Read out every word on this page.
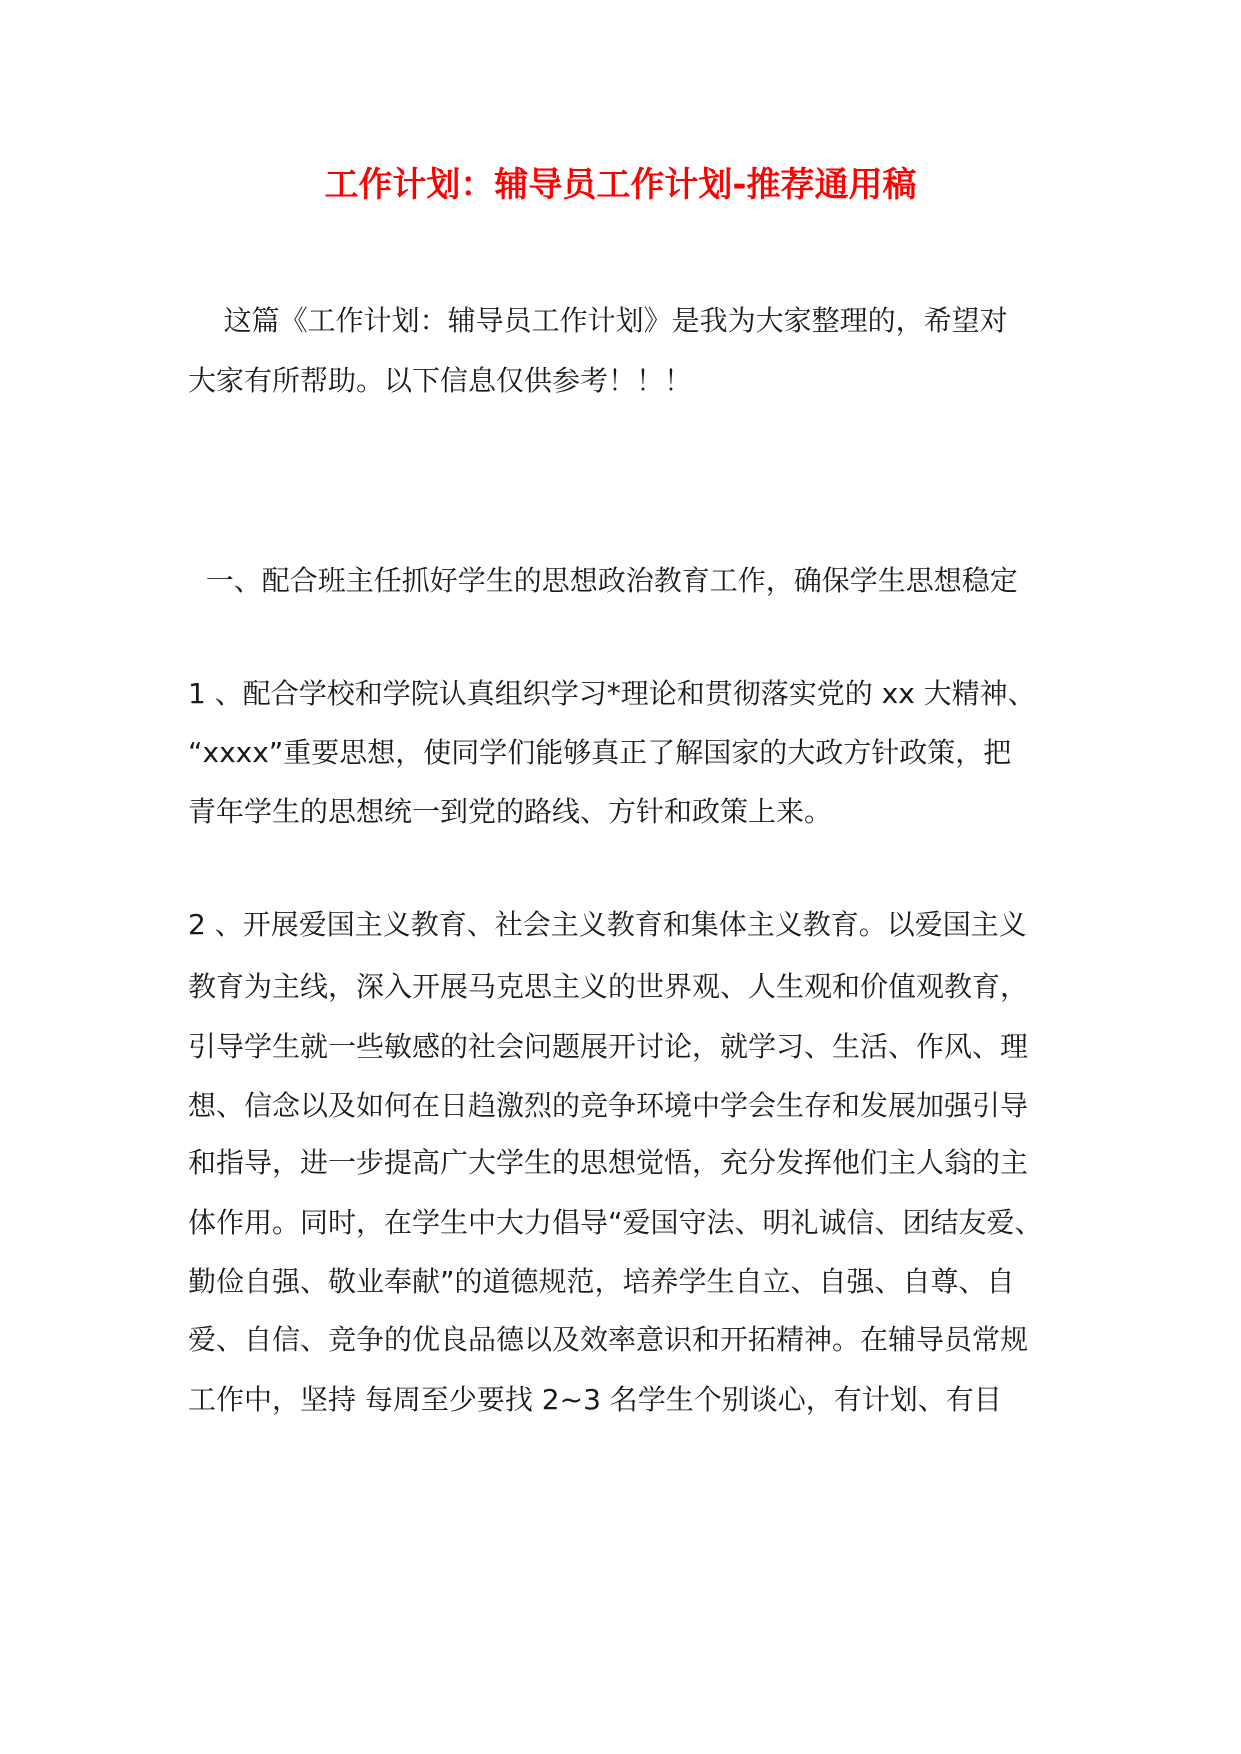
工作计划：辅导员工作计划-推荐通用稿
这篇《工作计划：辅导员工作计划》是我为大家整理的，希望对
大家有所帮助。以下信息仅供参考！！！
一、配合班主任抓好学生的思想政治教育工作，确保学生思想稳定
1 、配合学校和学院认真组织学习*理论和贯彻落实党的 xx 大精神、
“xxxx”重要思想，使同学们能够真正了解国家的大政方针政策，把
青年学生的思想统一到党的路线、方针和政策上来。
2 、开展爱国主义教育、社会主义教育和集体主义教育。以爱国主义
教育为主线，深入开展马克思主义的世界观、人生观和价值观教育，
引导学生就一些敏感的社会问题展开讨论，就学习、生活、作风、理
想、信念以及如何在日趋激烈的竞争环境中学会生存和发展加强引导
和指导，进一步提高广大学生的思想觉悟，充分发挥他们主人翁的主
体作用。同时，在学生中大力倡导“爱国守法、明礼诚信、团结友爱、
勤俭自强、敬业奉献”的道德规范，培养学生自立、自强、自尊、自
爱、自信、竞争的优良品德以及效率意识和开拓精神。在辅导员常规
工作中，坚持 每周至少要找 2~3 名学生个别谈心，有计划、有目
